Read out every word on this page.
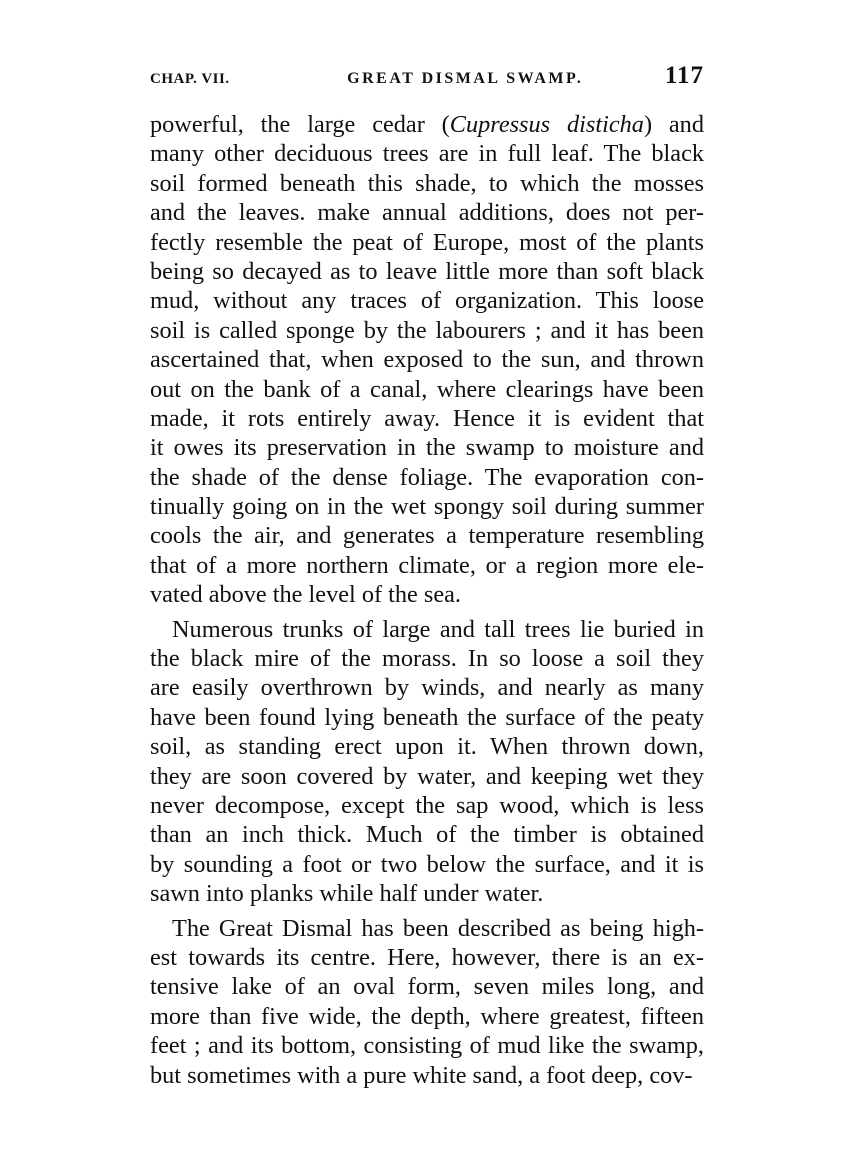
CHAP. VII.	GREAT DISMAL SWAMP.	117
powerful, the large cedar (Cupressus disticha) and
many other deciduous trees are in full leaf. The black
soil formed beneath this shade, to which the mosses
and the leaves. make annual additions, does not per-
fectly resemble the peat of Europe, most of the plants
being so decayed as to leave little more than soft black
mud, without any traces of organization. This loose
soil is called sponge by the labourers ; and it has been
ascertained that, when exposed to the sun, and thrown
out on the bank of a canal, where clearings have been
made, it rots entirely away. Hence it is evident that
it owes its preservation in the swamp to moisture and
the shade of the dense foliage. The evaporation con-
tinually going on in the wet spongy soil during summer
cools the air, and generates a temperature resembling
that of a more northern climate, or a region more ele-
vated above the level of the sea.
Numerous trunks of large and tall trees lie buried in
the black mire of the morass. In so loose a soil they
are easily overthrown by winds, and nearly as many
have been found lying beneath the surface of the peaty
soil, as standing erect upon it. When thrown down,
they are soon covered by water, and keeping wet they
never decompose, except the sap wood, which is less
than an inch thick. Much of the timber is obtained
by sounding a foot or two below the surface, and it is
sawn into planks while half under water.
The Great Dismal has been described as being high-
est towards its centre. Here, however, there is an ex-
tensive lake of an oval form, seven miles long, and
more than five wide, the depth, where greatest, fifteen
feet ; and its bottom, consisting of mud like the swamp,
but sometimes with a pure white sand, a foot deep, cov-
